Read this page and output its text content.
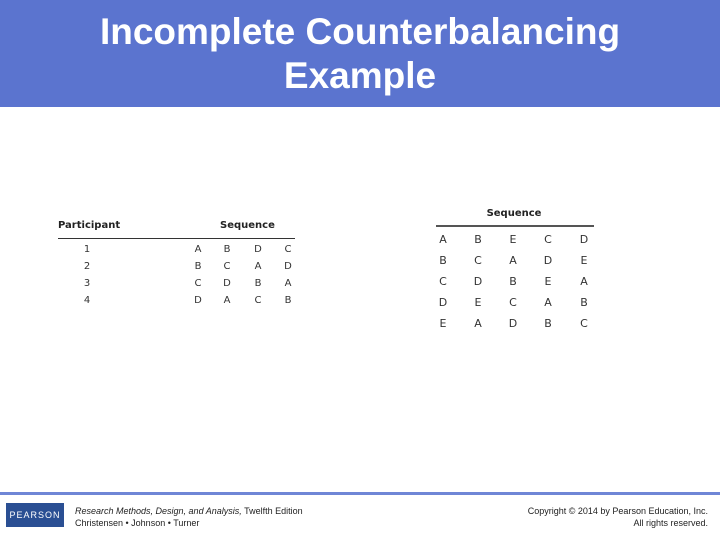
Incomplete Counterbalancing
Example
Participant	Sequence
1	A	B	D	C
2	B	C	A	D
3	C	D	B	A
4	D	A	C	B
Sequence
A	B	E	C	D
B	C	A	D	E
C	D	B	E	A
D	E	C	A	B
E	A	D	B	C
PEARSON Research Methods, Design, and Analysis, Twelfth Edition
Christensen • Johnson • Turner
Copyright © 2014 by Pearson Education, Inc.
All rights reserved.
